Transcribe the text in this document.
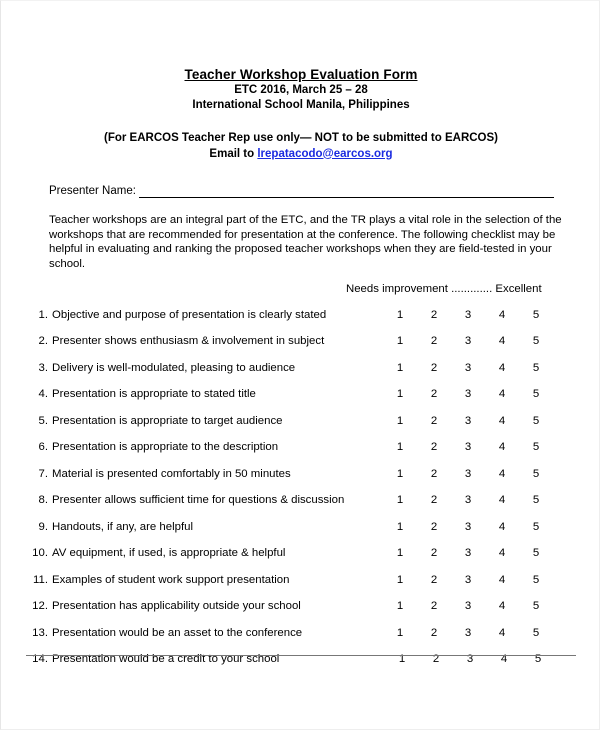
Teacher Workshop Evaluation Form
ETC 2016, March 25 – 28
International School Manila, Philippines
(For EARCOS Teacher Rep use only— NOT to be submitted to EARCOS)
Email to lrepatacodo@earcos.org
Presenter Name:
Teacher workshops are an integral part of the ETC, and the TR plays a vital role in the selection of the workshops that are recommended for presentation at the conference. The following checklist may be helpful in evaluating and ranking the proposed teacher workshops when they are field-tested in your school.
Needs improvement ............. Excellent
1.	Objective and purpose of presentation is clearly stated		1	2	3	4	5
2.	Presenter shows enthusiasm & involvement in subject		1	2	3	4	5
3.	Delivery is well-modulated, pleasing to audience		1	2	3	4	5
4.	Presentation is appropriate to stated title		1	2	3	4	5
5.	Presentation is appropriate to target audience		1	2	3	4	5
6.	Presentation is appropriate to the description		1	2	3	4	5
7.	Material is presented comfortably in 50 minutes		1	2	3	4	5
8.	Presenter allows sufficient time for questions & discussion		1	2	3	4	5
9.	Handouts, if any, are helpful		1	2	3	4	5
10.	AV equipment, if used, is appropriate & helpful		1	2	3	4	5
11.	Examples of student work support presentation		1	2	3	4	5
12.	Presentation has applicability outside your school		1	2	3	4	5
13.	Presentation would be an asset to the conference		1	2	3	4	5
14.	Presentation would be a credit to your school		1	2	3	4	5
